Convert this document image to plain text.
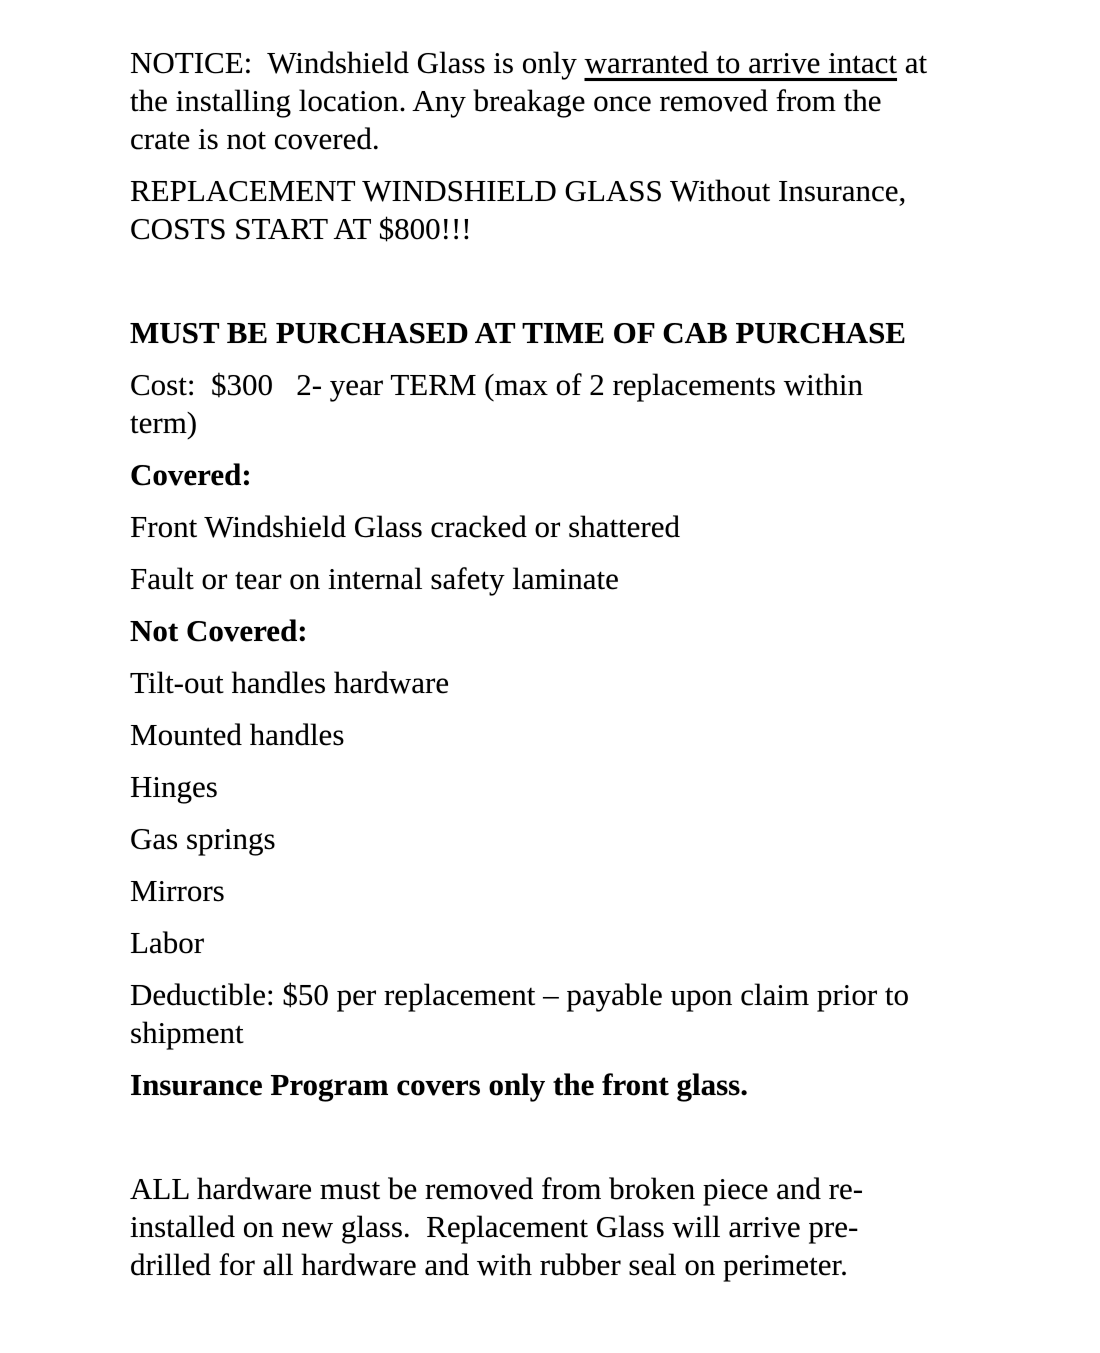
NOTICE:  Windshield Glass is only warranted to arrive intact at
the installing location. Any breakage once removed from the
crate is not covered.

REPLACEMENT WINDSHIELD GLASS Without Insurance,
COSTS START AT $800!!!

MUST BE PURCHASED AT TIME OF CAB PURCHASE

Cost:  $300   2- year TERM (max of 2 replacements within
term)

Covered:

Front Windshield Glass cracked or shattered

Fault or tear on internal safety laminate

Not Covered:

Tilt-out handles hardware

Mounted handles

Hinges

Gas springs

Mirrors

Labor

Deductible: $50 per replacement – payable upon claim prior to
shipment

Insurance Program covers only the front glass.

ALL hardware must be removed from broken piece and re-
installed on new glass.  Replacement Glass will arrive pre-
drilled for all hardware and with rubber seal on perimeter.
